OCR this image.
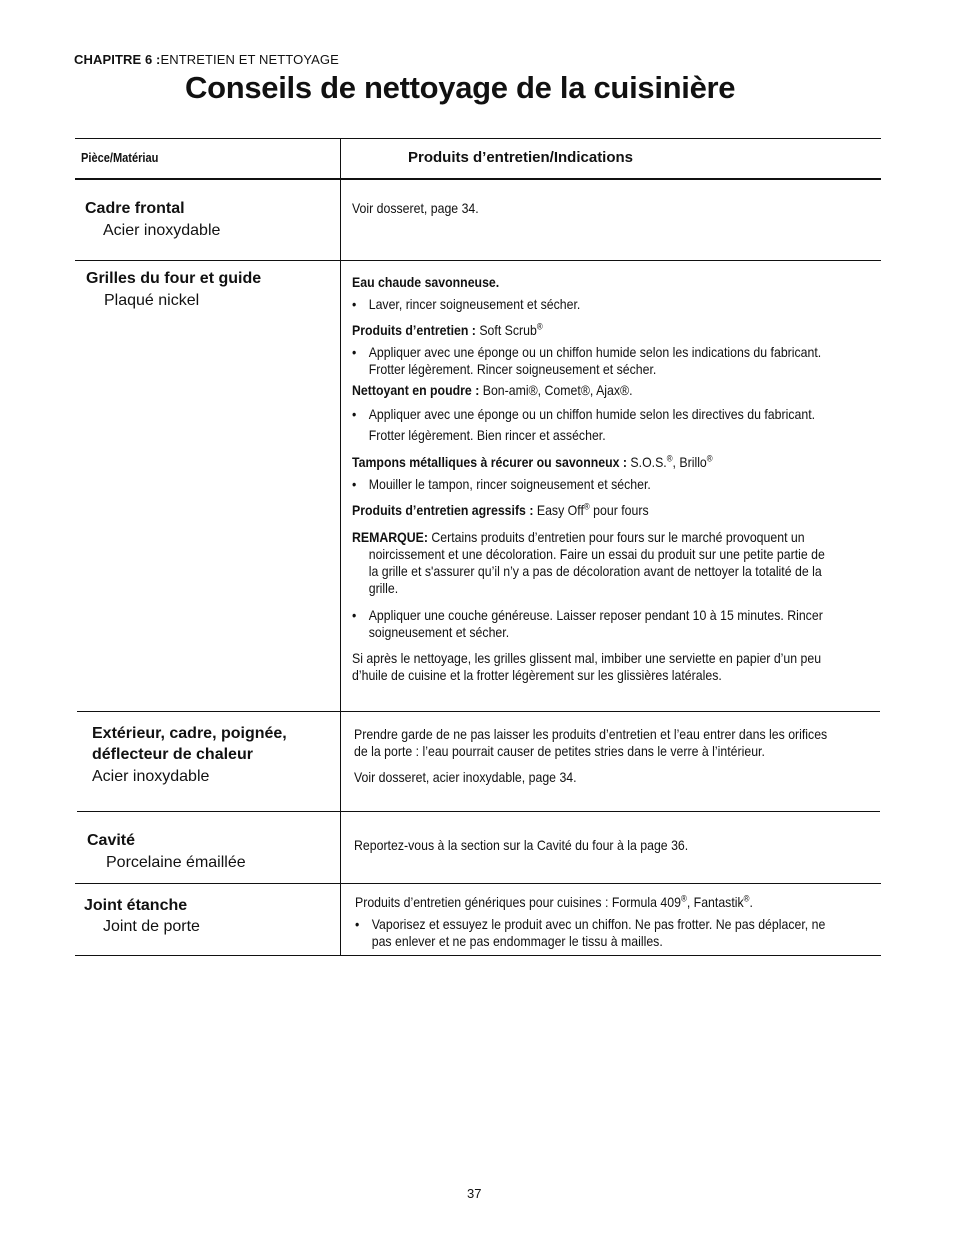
CHAPITRE 6 :ENTRETIEN ET NETTOYAGE
Conseils de nettoyage de la cuisinière
Pièce/Matériau	Produits d’entretien/Indications
Cadre frontal
Acier inoxydable
Voir dosseret, page 34.
Grilles du four et guide
Plaqué nickel
Eau chaude savonneuse.
• Laver, rincer soigneusement et sécher.
Produits d’entretien : Soft Scrub®
• Appliquer avec une éponge ou un chiffon humide selon les indications du fabricant.
Frotter légèrement. Rincer soigneusement et sécher.
Nettoyant en poudre : Bon-ami®, Comet®, Ajax®.
• Appliquer avec une éponge ou un chiffon humide selon les directives du fabricant.
Frotter légèrement. Bien rincer et assécher.
Tampons métalliques à récurer ou savonneux : S.O.S.®, Brillo®
• Mouiller le tampon, rincer soigneusement et sécher.
Produits d’entretien agressifs : Easy Off® pour fours
REMARQUE: Certains produits d’entretien pour fours sur le marché provoquent un
noircissement et une décoloration. Faire un essai du produit sur une petite partie de
la grille et s'assurer qu’il n’y a pas de décoloration avant de nettoyer la totalité de la
grille.
• Appliquer une couche généreuse. Laisser reposer pendant 10 à 15 minutes. Rincer
soigneusement et sécher.
Si après le nettoyage, les grilles glissent mal, imbiber une serviette en papier d’un peu
d’huile de cuisine et la frotter légèrement sur les glissières latérales.
Extérieur, cadre, poignée,
déflecteur de chaleur
Acier inoxydable
Prendre garde de ne pas laisser les produits d’entretien et l’eau entrer dans les orifices
de la porte : l’eau pourrait causer de petites stries dans le verre à l’intérieur.
Voir dosseret, acier inoxydable, page 34.
Cavité
Porcelaine émaillée
Reportez-vous à la section sur la Cavité du four à la page 36.
Joint étanche
Joint de porte
Produits d’entretien génériques pour cuisines : Formula 409®, Fantastik®.
• Vaporisez et essuyez le produit avec un chiffon. Ne pas frotter. Ne pas déplacer, ne
pas enlever et ne pas endommager le tissu à mailles.
37
